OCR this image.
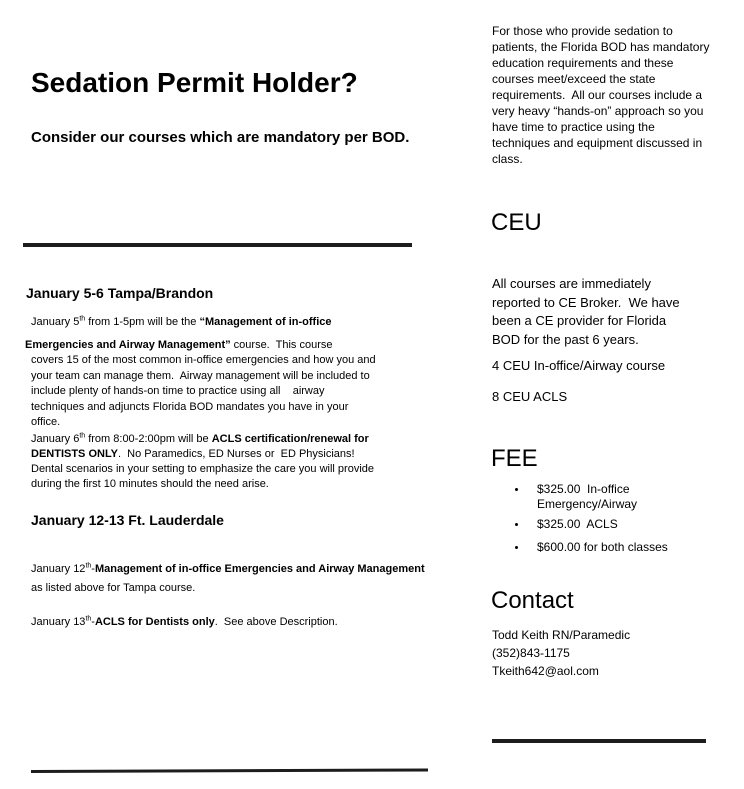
Sedation Permit Holder?
Consider our courses which are mandatory per BOD.
January 5-6 Tampa/Brandon
January 5th from 1-5pm will be the “Management of in-office
Emergencies and Airway Management” course.  This course
covers 15 of the most common in-office emergencies and how you and
your team can manage them.  Airway management will be included to
include plenty of hands-on time to practice using all    airway
techniques and adjuncts Florida BOD mandates you have in your
office.
January 6th from 8:00-2:00pm will be ACLS certification/renewal for
DENTISTS ONLY.  No Paramedics, ED Nurses or  ED Physicians!
Dental scenarios in your setting to emphasize the care you will provide
during the first 10 minutes should the need arise.
January 12th-Management of in-office Emergencies and Airway Management
as listed above for Tampa course.
January 13th-ACLS for Dentists only.  See above Description.
January 12-13 Ft. Lauderdale
For those who provide sedation to
patients, the Florida BOD has mandatory
education requirements and these
courses meet/exceed the state
requirements.  All our courses include a
very heavy “hands-on” approach so you
have time to practice using the
techniques and equipment discussed in
class.
CEU
All courses are immediately
reported to CE Broker.  We have
been a CE provider for Florida
BOD for the past 6 years.
4 CEU In-office/Airway course
8 CEU ACLS
FEE
$325.00  In-office
Emergency/Airway
$325.00  ACLS
$600.00 for both classes
Contact
Todd Keith RN/Paramedic
(352)843-1175
Tkeith642@aol.com
